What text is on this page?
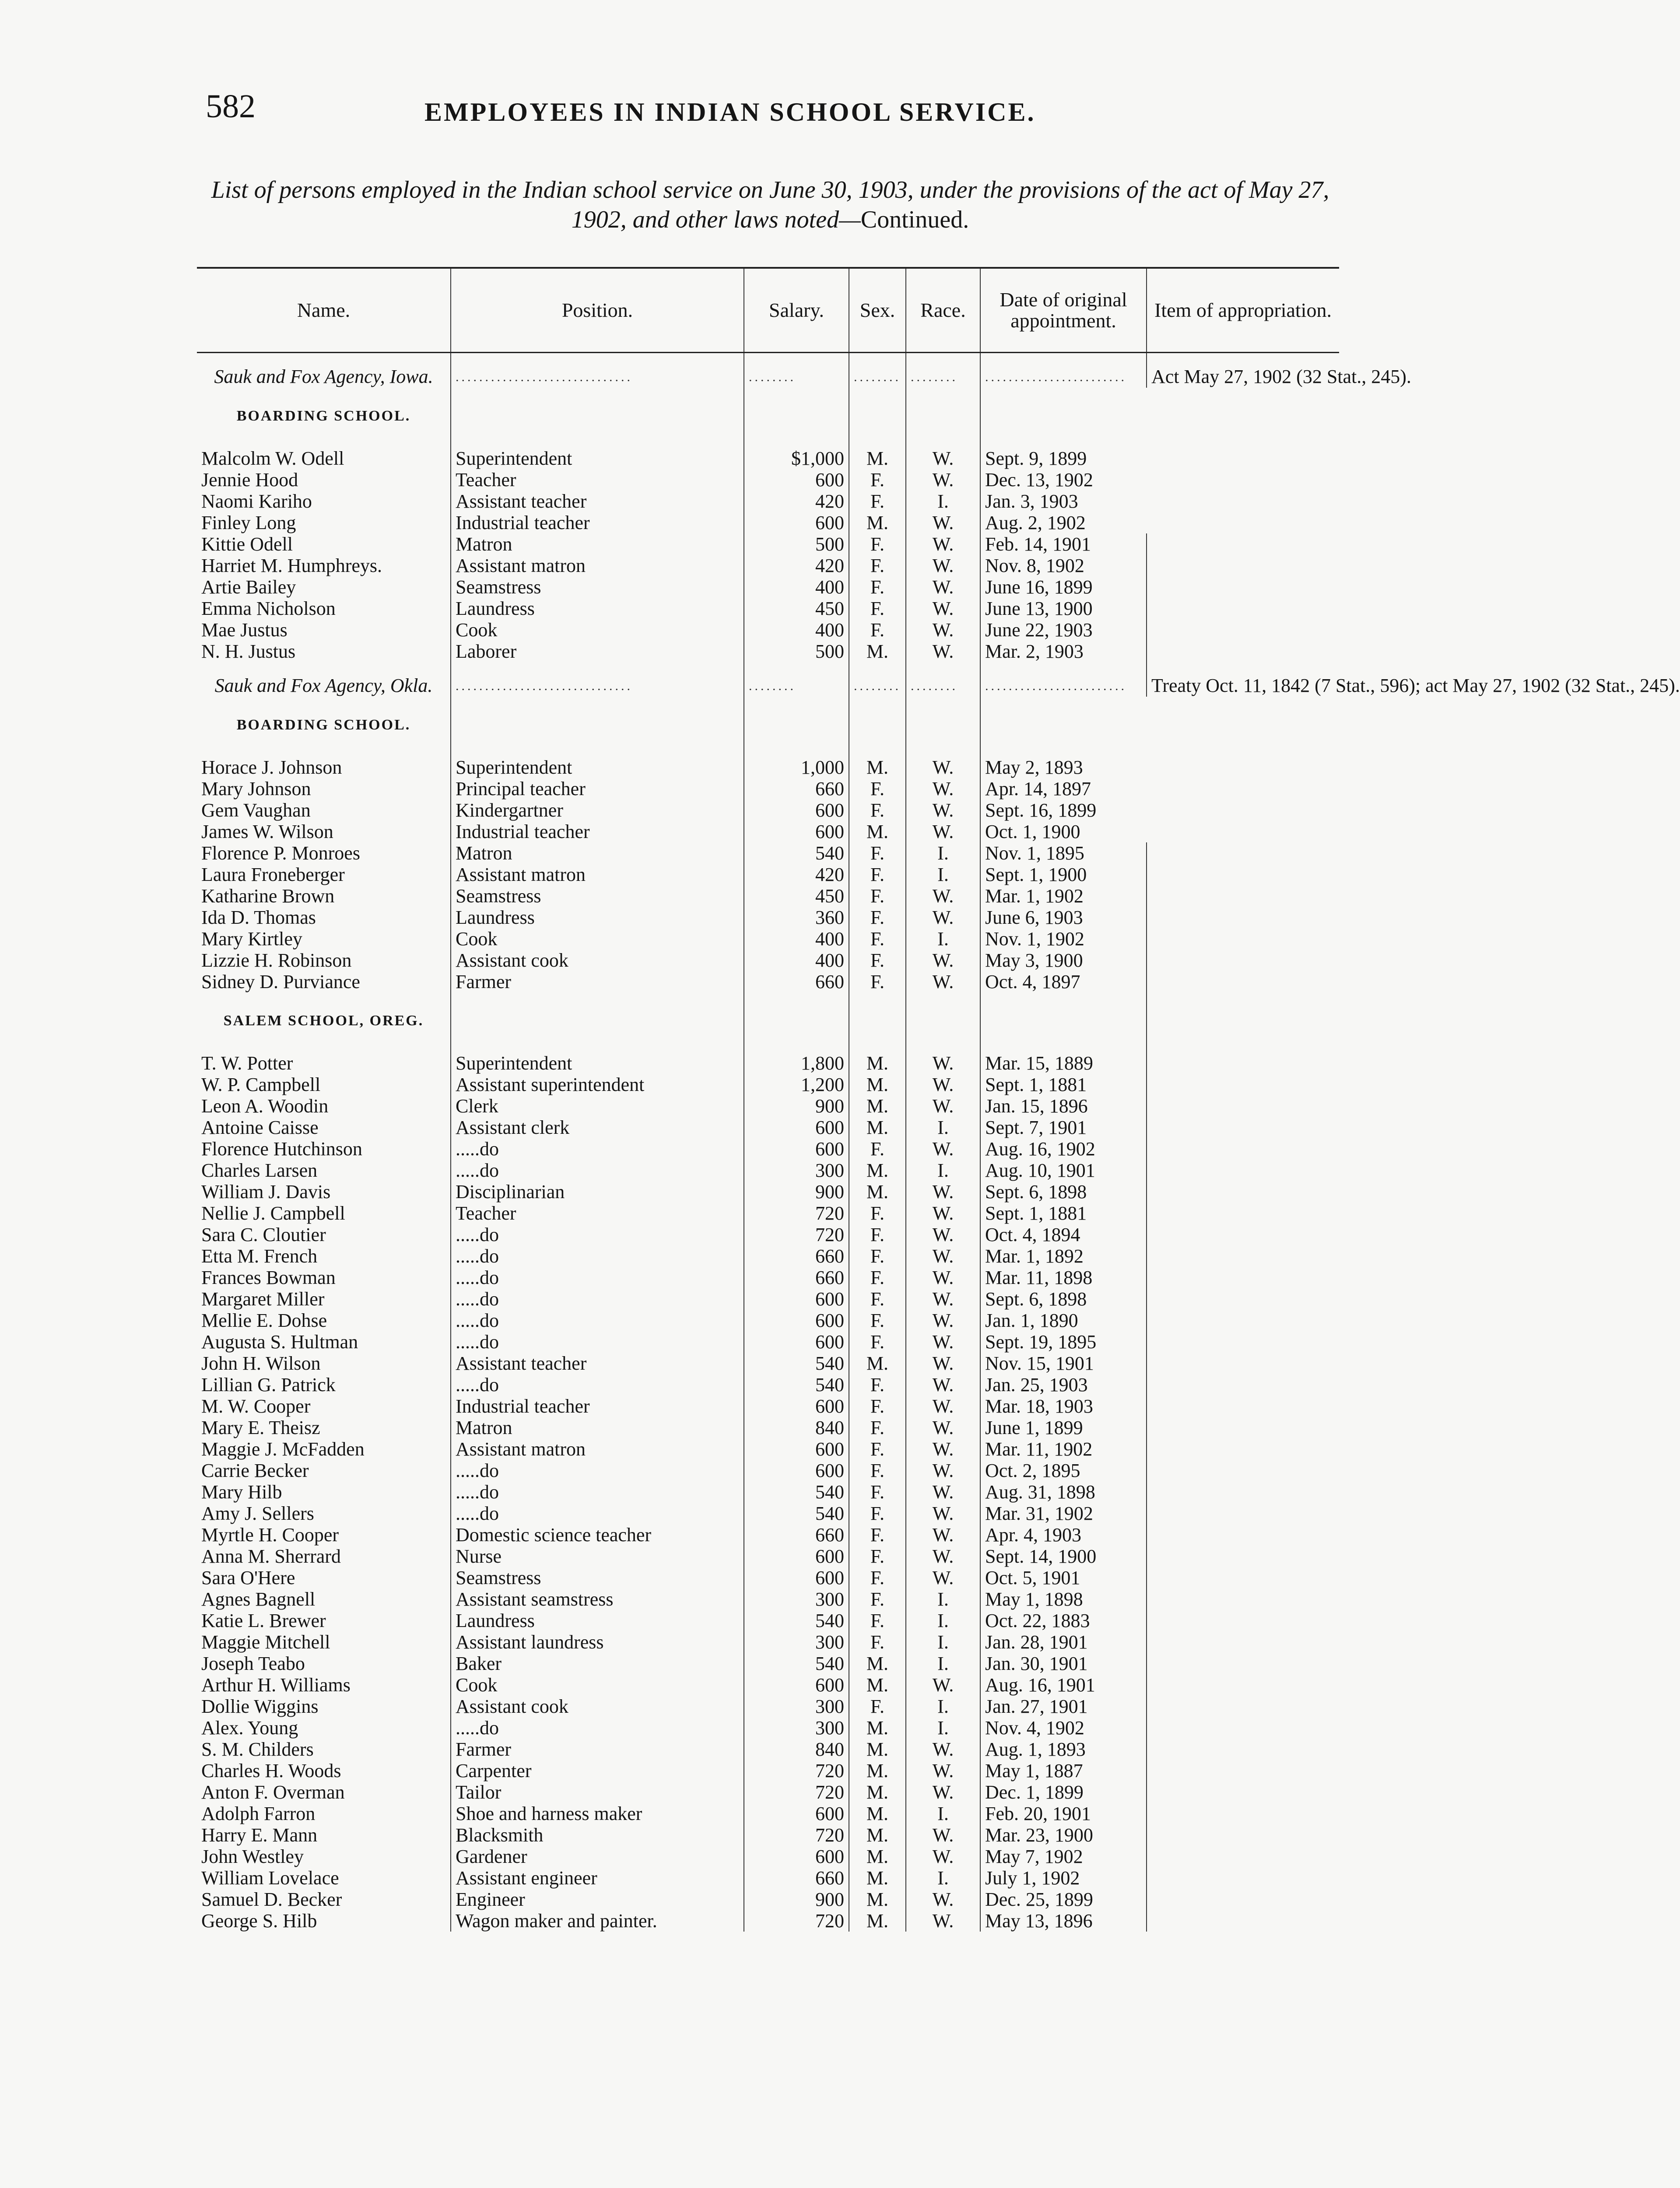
582	EMPLOYEES IN INDIAN SCHOOL SERVICE.
List of persons employed in the Indian school service on June 30, 1903, under the provisions of the act of May 27, 1902, and other laws noted—Continued.
Name.	Position.	Salary.	Sex.	Race.	Date of original appointment.	Item of appropriation.
Sauk and Fox Agency, Iowa.	..............................	........	........	........	........................	Act May 27, 1902 (32 Stat., 245).
BOARDING SCHOOL.						
Malcolm W. Odell	Superintendent	$1,000	M.	W.	Sept. 9, 1899	
Jennie Hood	Teacher	600	F.	W.	Dec. 13, 1902	
Naomi Kariho	Assistant teacher	420	F.	I.	Jan. 3, 1903	
Finley Long	Industrial teacher	600	M.	W.	Aug. 2, 1902	
Kittie Odell	Matron	500	F.	W.	Feb. 14, 1901	
Harriet M. Humphreys.	Assistant matron	420	F.	W.	Nov. 8, 1902	
Artie Bailey	Seamstress	400	F.	W.	June 16, 1899	
Emma Nicholson	Laundress	450	F.	W.	June 13, 1900	
Mae Justus	Cook	400	F.	W.	June 22, 1903	
N. H. Justus	Laborer	500	M.	W.	Mar. 2, 1903	
Sauk and Fox Agency, Okla.	..............................	........	........	........	........................	Treaty Oct. 11, 1842 (7 Stat., 596); act May 27, 1902 (32 Stat., 245).
BOARDING SCHOOL.						
Horace J. Johnson	Superintendent	1,000	M.	W.	May 2, 1893	
Mary Johnson	Principal teacher	660	F.	W.	Apr. 14, 1897	
Gem Vaughan	Kindergartner	600	F.	W.	Sept. 16, 1899	
James W. Wilson	Industrial teacher	600	M.	W.	Oct. 1, 1900	
Florence P. Monroes	Matron	540	F.	I.	Nov. 1, 1895	
Laura Froneberger	Assistant matron	420	F.	I.	Sept. 1, 1900	
Katharine Brown	Seamstress	450	F.	W.	Mar. 1, 1902	
Ida D. Thomas	Laundress	360	F.	W.	June 6, 1903	
Mary Kirtley	Cook	400	F.	I.	Nov. 1, 1902	
Lizzie H. Robinson	Assistant cook	400	F.	W.	May 3, 1900	
Sidney D. Purviance	Farmer	660	F.	W.	Oct. 4, 1897	
SALEM SCHOOL, OREG.						
T. W. Potter	Superintendent	1,800	M.	W.	Mar. 15, 1889	
W. P. Campbell	Assistant superintendent	1,200	M.	W.	Sept. 1, 1881	
Leon A. Woodin	Clerk	900	M.	W.	Jan. 15, 1896	
Antoine Caisse	Assistant clerk	600	M.	I.	Sept. 7, 1901	
Florence Hutchinson	.....do	600	F.	W.	Aug. 16, 1902	
Charles Larsen	.....do	300	M.	I.	Aug. 10, 1901	
William J. Davis	Disciplinarian	900	M.	W.	Sept. 6, 1898	
Nellie J. Campbell	Teacher	720	F.	W.	Sept. 1, 1881	
Sara C. Cloutier	.....do	720	F.	W.	Oct. 4, 1894	
Etta M. French	.....do	660	F.	W.	Mar. 1, 1892	
Frances Bowman	.....do	660	F.	W.	Mar. 11, 1898	
Margaret Miller	.....do	600	F.	W.	Sept. 6, 1898	
Mellie E. Dohse	.....do	600	F.	W.	Jan. 1, 1890	
Augusta S. Hultman	.....do	600	F.	W.	Sept. 19, 1895	
John H. Wilson	Assistant teacher	540	M.	W.	Nov. 15, 1901	
Lillian G. Patrick	.....do	540	F.	W.	Jan. 25, 1903	
M. W. Cooper	Industrial teacher	600	F.	W.	Mar. 18, 1903	
Mary E. Theisz	Matron	840	F.	W.	June 1, 1899	
Maggie J. McFadden	Assistant matron	600	F.	W.	Mar. 11, 1902	
Carrie Becker	.....do	600	F.	W.	Oct. 2, 1895	
Mary Hilb	.....do	540	F.	W.	Aug. 31, 1898	
Amy J. Sellers	.....do	540	F.	W.	Mar. 31, 1902	
Myrtle H. Cooper	Domestic science teacher	660	F.	W.	Apr. 4, 1903	
Anna M. Sherrard	Nurse	600	F.	W.	Sept. 14, 1900	
Sara O'Here	Seamstress	600	F.	W.	Oct. 5, 1901	
Agnes Bagnell	Assistant seamstress	300	F.	I.	May 1, 1898	
Katie L. Brewer	Laundress	540	F.	I.	Oct. 22, 1883	
Maggie Mitchell	Assistant laundress	300	F.	I.	Jan. 28, 1901	
Joseph Teabo	Baker	540	M.	I.	Jan. 30, 1901	
Arthur H. Williams	Cook	600	M.	W.	Aug. 16, 1901	
Dollie Wiggins	Assistant cook	300	F.	I.	Jan. 27, 1901	
Alex. Young	.....do	300	M.	I.	Nov. 4, 1902	
S. M. Childers	Farmer	840	M.	W.	Aug. 1, 1893	
Charles H. Woods	Carpenter	720	M.	W.	May 1, 1887	
Anton F. Overman	Tailor	720	M.	W.	Dec. 1, 1899	
Adolph Farron	Shoe and harness maker	600	M.	I.	Feb. 20, 1901	
Harry E. Mann	Blacksmith	720	M.	W.	Mar. 23, 1900	
John Westley	Gardener	600	M.	W.	May 7, 1902	
William Lovelace	Assistant engineer	660	M.	I.	July 1, 1902	
Samuel D. Becker	Engineer	900	M.	W.	Dec. 25, 1899	
George S. Hilb	Wagon maker and painter.	720	M.	W.	May 13, 1896	
